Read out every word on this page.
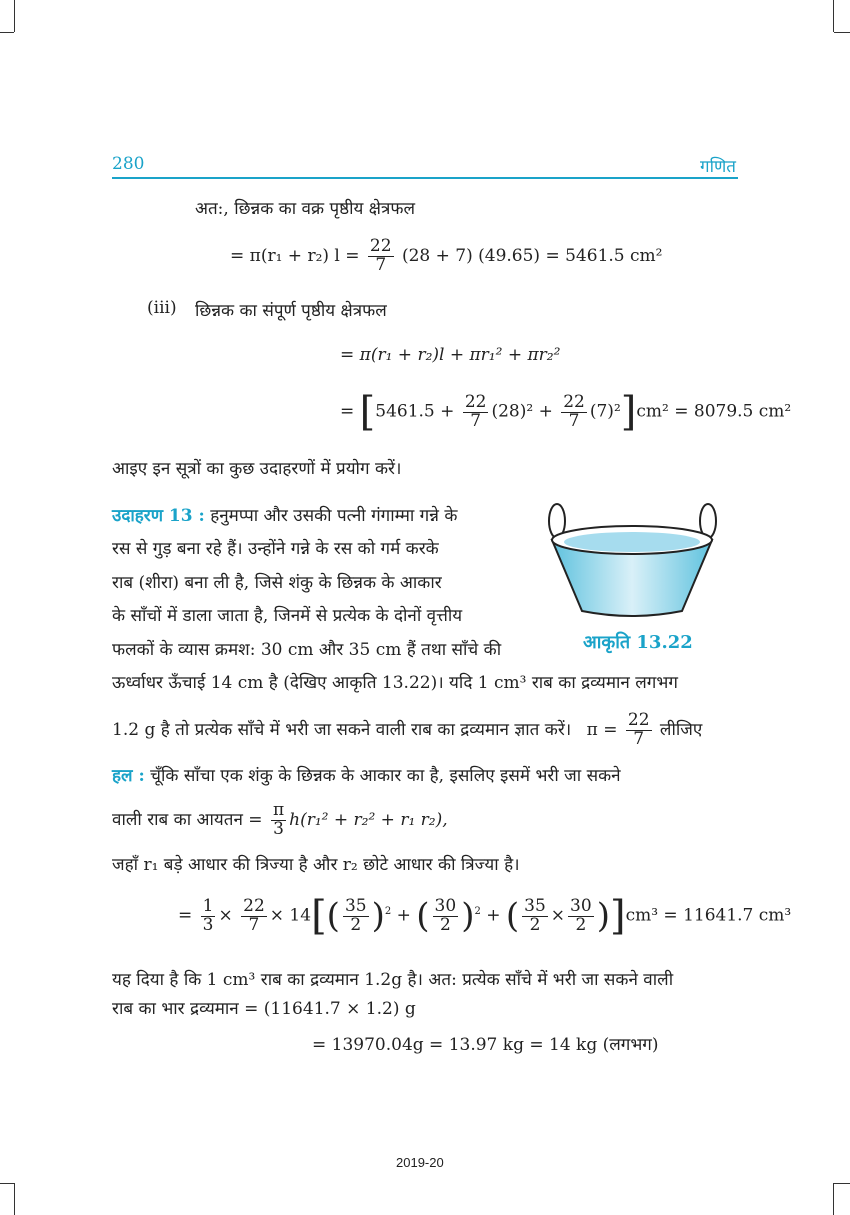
280	गणित
अत:, छिन्नक का वक्र पृष्ठीय क्षेत्रफल
= π(r₁ + r₂) $l = \frac{22}{7} (28 + 7) (49.65) = 5461.5$ cm²
(iii) छिन्नक का संपूर्ण पृष्ठीय क्षेत्रफल
= π(r₁ + r₂)l + πr₁² + πr₂²
= $[5461.5 + \frac{22}{7} (28)^2 + \frac{22}{7} (7)^2]cm^2 = 8079.5$ cm²
आइए इन सूत्रों का कुछ उदाहरणों में प्रयोग करें।
उदाहरण 13 : हनुमप्पा और उसकी पत्नी गंगाम्मा गन्ने के
रस से गुड़ बना रहे हैं। उन्होंने गन्ने के रस को गर्म करके
राब (शीरा) बना ली है, जिसे शंकु के छिन्नक के आकार
के साँचों में डाला जाता है, जिनमें से प्रत्येक के दोनों वृत्तीय
फलकों के व्यास क्रमश: 30 cm और 35 cm हैं तथा साँचे की	आकृति 13.22
ऊर्ध्वाधर ऊँचाई 14 cm है (देखिए आकृति 13.22)। यदि 1 cm³ राब का द्रव्यमान लगभग
1.2 g है तो प्रत्येक साँचे में भरी जा सकने वाली राब का द्रव्यमान ज्ञात करें। $\pi = \frac{22}{7}$ लीजिए
हल : चूँकि साँचा एक शंकु के छिन्नक के आकार का है, इसलिए इसमें भरी जा सकने
वाली राब का आयतन = $\frac{\pi}{3} h(r_1^2 + r_2^2 + r_1$ r₂),
जहाँ r₁ बड़े आधार की त्रिज्या है और r₂ छोटे आधार की त्रिज्या है।
= $\frac{1}{3} \times \frac{22}{7} \times 14[( \frac{35}{2} )^2$ + ( $\frac{30}{2} )^2$ + ( $\frac{35}{2} \times \frac{30}{2} )]cm^3 = 11641.7$ cm³
यह दिया है कि 1 cm³ राब का द्रव्यमान 1.2g है। अत: प्रत्येक साँचे में भरी जा सकने वाली
राब का भार द्रव्यमान = (11641.7 × 1.2) g
= 13970.04g = 13.97 kg = 14 kg (लगभग)
2019-20
